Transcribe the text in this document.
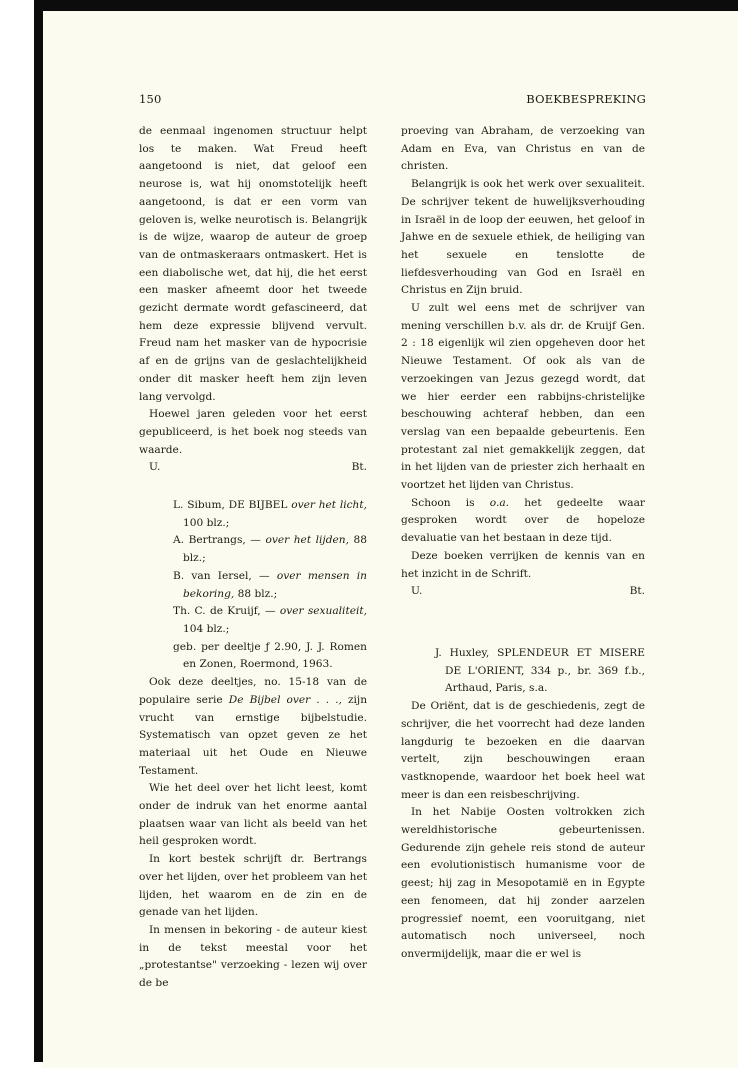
150	BOEKBESPREKING

de eenmaal ingenomen structuur helpt los te maken. Wat Freud heeft aangetoond is niet, dat geloof een neurose is, wat hij onomstotelijk heeft aangetoond, is dat er een vorm van geloven is, welke neurotisch is. Belangrijk is de wijze, waarop de auteur de groep van de ontmaskeraars ontmaskert. Het is een diabolische wet, dat hij, die het eerst een masker afneemt door het tweede gezicht dermate wordt gefascineerd, dat hem deze expressie blijvend vervult. Freud nam het masker van de hypocrisie af en de grijns van de geslachtelijkheid onder dit masker heeft hem zijn leven lang vervolgd.

Hoewel jaren geleden voor het eerst gepubliceerd, is het boek nog steeds van waarde.

U.	Bt.

L. Sibum, DE BIJBEL over het licht, 100 blz.;
A. Bertrangs, — over het lijden, 88 blz.;
B. van Iersel, — over mensen in bekoring, 88 blz.;
Th. C. de Kruijf, — over sexualiteit, 104 blz.;
geb. per deeltje ƒ 2.90, J. J. Romen en Zonen, Roermond, 1963.

Ook deze deeltjes, no. 15-18 van de populaire serie De Bijbel over . . ., zijn vrucht van ernstige bijbelstudie. Systematisch van opzet geven ze het materiaal uit het Oude en Nieuwe Testament.

Wie het deel over het licht leest, komt onder de indruk van het enorme aantal plaatsen waar van licht als beeld van het heil gesproken wordt.

In kort bestek schrijft dr. Bertrangs over het lijden, over het probleem van het lijden, het waarom en de zin en de genade van het lijden.

In mensen in bekoring - de auteur kiest in de tekst meestal voor het „protestantse" verzoeking - lezen wij over de be

proeving van Abraham, de verzoeking van Adam en Eva, van Christus en van de christen.

Belangrijk is ook het werk over sexualiteit. De schrijver tekent de huwelijksverhouding in Israël in de loop der eeuwen, het geloof in Jahwe en de sexuele ethiek, de heiliging van het sexuele en tenslotte de liefdesverhouding van God en Israël en Christus en Zijn bruid.

U zult wel eens met de schrijver van mening verschillen b.v. als dr. de Kruijf Gen. 2 : 18 eigenlijk wil zien opgeheven door het Nieuwe Testament. Of ook als van de verzoekingen van Jezus gezegd wordt, dat we hier eerder een rabbijns-christelijke beschouwing achteraf hebben, dan een verslag van een bepaalde gebeurtenis. Een protestant zal niet gemakkelijk zeggen, dat in het lijden van de priester zich herhaalt en voortzet het lijden van Christus.

Schoon is o.a. het gedeelte waar gesproken wordt over de hopeloze devaluatie van het bestaan in deze tijd.

Deze boeken verrijken de kennis van en het inzicht in de Schrift.

U.	Bt.

J. Huxley, SPLENDEUR ET MISERE DE L'ORIENT, 334 p., br. 369 f.b., Arthaud, Paris, s.a.

De Oriënt, dat is de geschiedenis, zegt de schrijver, die het voorrecht had deze landen langdurig te bezoeken en die daarvan vertelt, zijn beschouwingen eraan vastknopende, waardoor het boek heel wat meer is dan een reisbeschrijving.

In het Nabije Oosten voltrokken zich wereldhistorische gebeurtenissen. Gedurende zijn gehele reis stond de auteur een evolutionistisch humanisme voor de geest; hij zag in Mesopotamië en in Egypte een fenomeen, dat hij zonder aarzelen progressief noemt, een vooruitgang, niet automatisch noch universeel, noch onvermijdelijk, maar die er wel is
